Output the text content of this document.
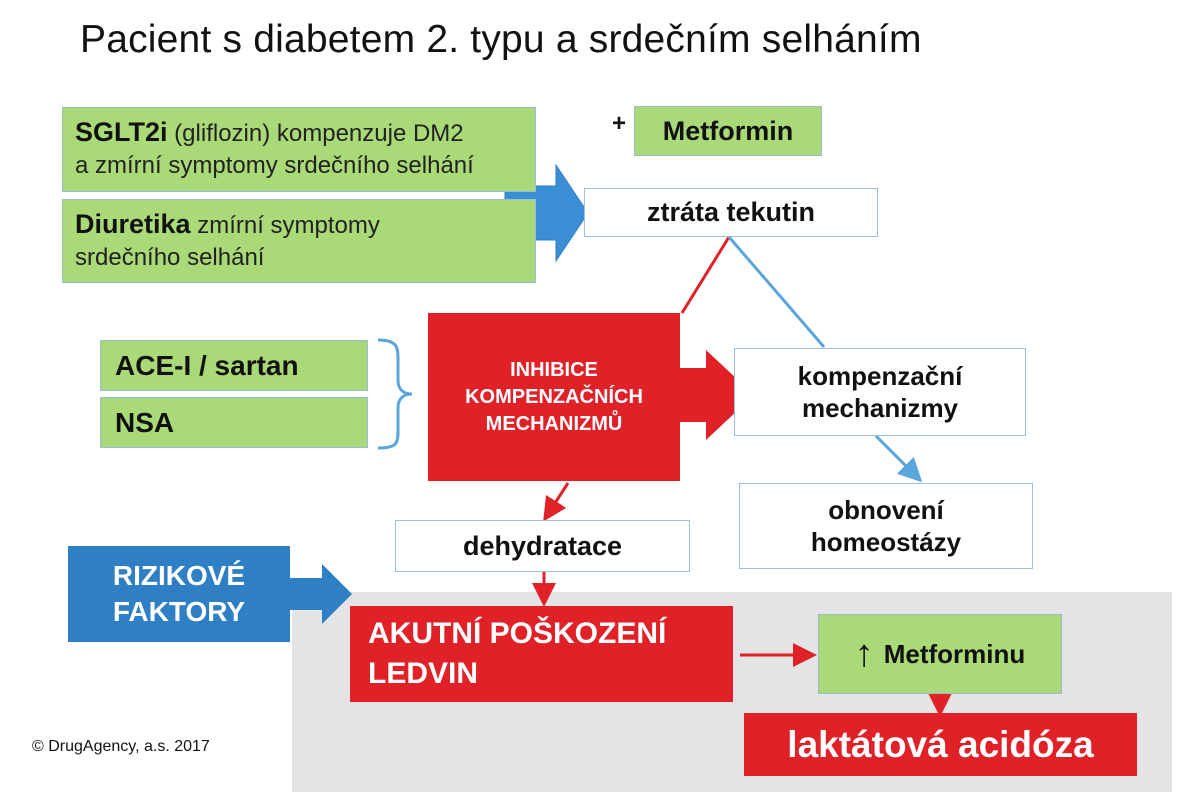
Pacient s diabetem 2. typu a srdečním selháním
SGLT2i (gliflozin) kompenzuje DM2
a zmírní symptomy srdečního selhání
Diuretika zmírní symptomy
srdečního selhání
+	Metformin
ztráta tekutin
ACE-I / sartan
NSA
INHIBICE
KOMPENZAČNÍCH
MECHANIZMŮ
kompenzační
mechanizmy
obnovení
homeostázy
dehydratace
RIZIKOVÉ
FAKTORY
AKUTNÍ POŠKOZENÍ
LEDVIN	↑ Metforminu
laktátová acidóza
© DrugAgency, a.s. 2017
